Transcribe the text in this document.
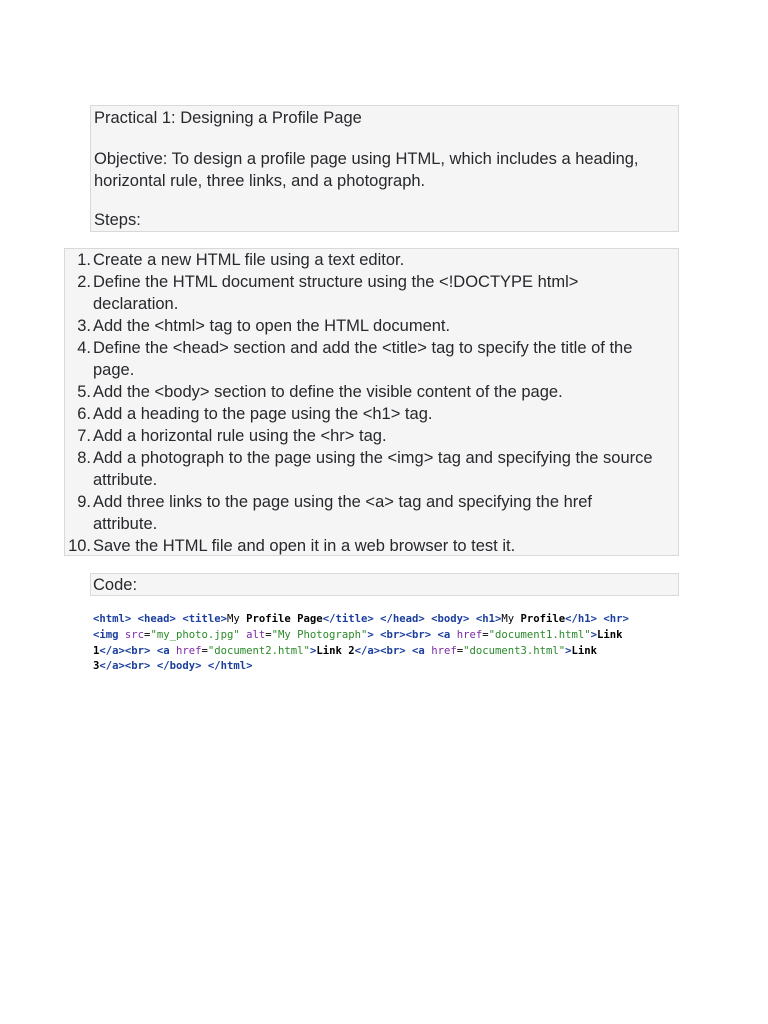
Practical 1: Designing a Profile Page

Objective: To design a profile page using HTML, which includes a heading, horizontal rule, three links, and a photograph.

Steps:

1. Create a new HTML file using a text editor.
2. Define the HTML document structure using the <!DOCTYPE html> declaration.
3. Add the <html> tag to open the HTML document.
4. Define the <head> section and add the <title> tag to specify the title of the page.
5. Add the <body> section to define the visible content of the page.
6. Add a heading to the page using the <h1> tag.
7. Add a horizontal rule using the <hr> tag.
8. Add a photograph to the page using the <img> tag and specifying the source attribute.
9. Add three links to the page using the <a> tag and specifying the href attribute.
10. Save the HTML file and open it in a web browser to test it.
Code:
<html> <head> <title>My Profile Page</title> </head> <body> <h1>My Profile</h1> <hr>
<img src="my_photo.jpg" alt="My Photograph"> <br><br> <a href="document1.html">Link
1</a><br> <a href="document2.html">Link 2</a><br> <a href="document3.html">Link
3</a><br> </body> </html>
